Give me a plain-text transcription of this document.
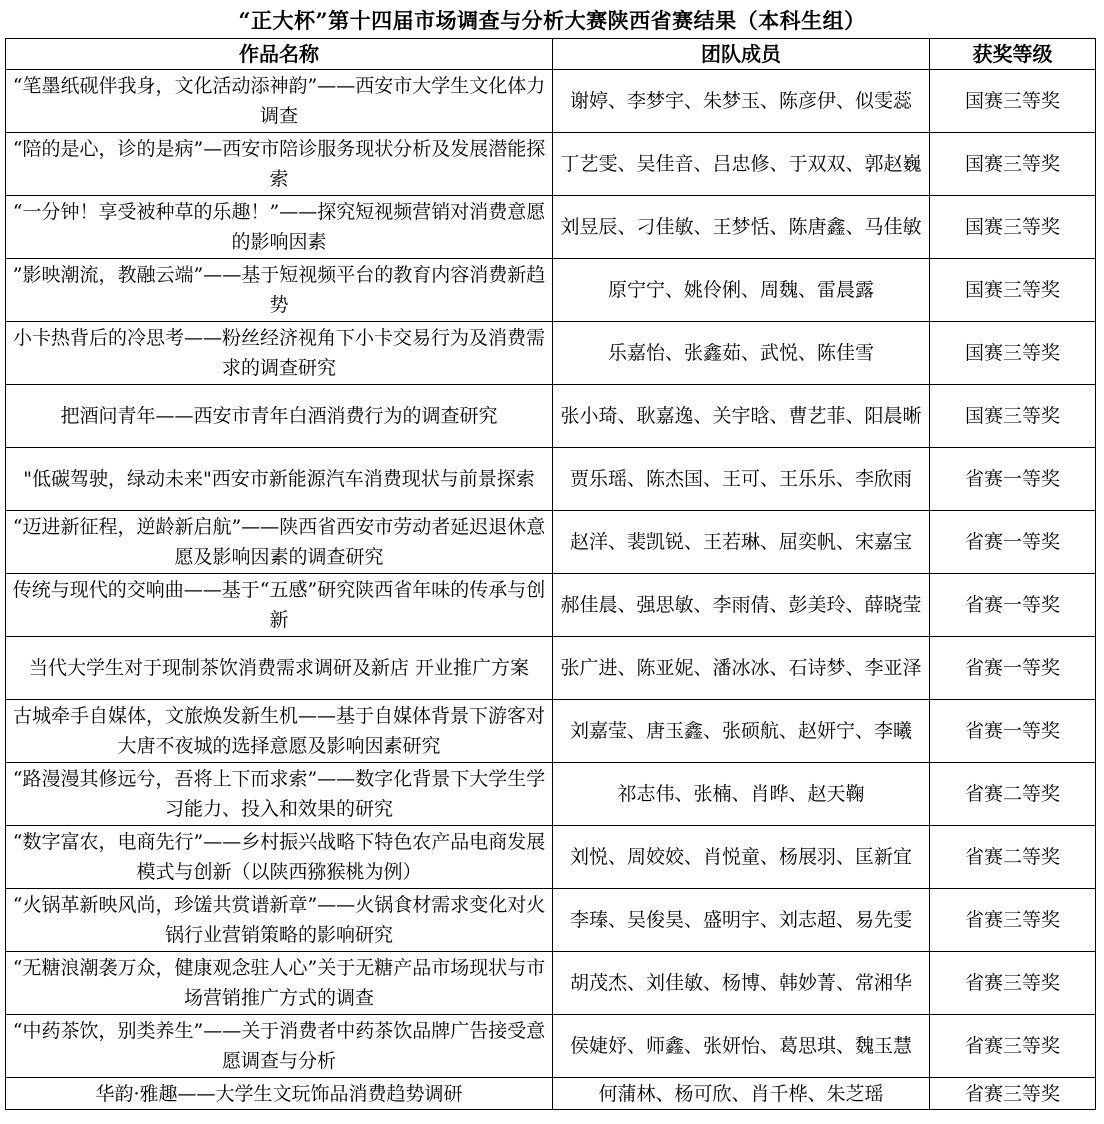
“正大杯”第十四届市场调查与分析大赛陕西省赛结果（本科生组）
作品名称	团队成员	获奖等级
“笔墨纸砚伴我身，文化活动添神韵”——西安市大学生文化体力调查	谢婷、李梦宇、朱梦玉、陈彦伊、似雯蕊	国赛三等奖
“陪的是心，诊的是病”—西安市陪诊服务现状分析及发展潜能探索	丁艺雯、吴佳音、吕忠修、于双双、郭赵巍	国赛三等奖
“一分钟！享受被种草的乐趣！”——探究短视频营销对消费意愿的影响因素	刘昱辰、刁佳敏、王梦恬、陈唐鑫、马佳敏	国赛三等奖
”影映潮流，教融云端”——基于短视频平台的教育内容消费新趋势	原宁宁、姚伶俐、周魏、雷晨露	国赛三等奖
小卡热背后的冷思考——粉丝经济视角下小卡交易行为及消费需求的调查研究	乐嘉怡、张鑫茹、武悦、陈佳雪	国赛三等奖
把酒问青年——西安市青年白酒消费行为的调查研究	张小琦、耿嘉逸、关宇晗、曹艺菲、阳晨晰	国赛三等奖
"低碳驾驶，绿动未来"西安市新能源汽车消费现状与前景探索	贾乐瑶、陈杰国、王可、王乐乐、李欣雨	省赛一等奖
“迈进新征程，逆龄新启航”——陕西省西安市劳动者延迟退休意愿及影响因素的调查研究	赵洋、裴凯锐、王若琳、屈奕帆、宋嘉宝	省赛一等奖
传统与现代的交响曲——基于“五感”研究陕西省年味的传承与创新	郝佳晨、强思敏、李雨倩、彭美玲、薛晓莹	省赛一等奖
当代大学生对于现制茶饮消费需求调研及新店 开业推广方案	张广进、陈亚妮、潘冰冰、石诗梦、李亚泽	省赛一等奖
古城牵手自媒体，文旅焕发新生机——基于自媒体背景下游客对大唐不夜城的选择意愿及影响因素研究	刘嘉莹、唐玉鑫、张硕航、赵妍宁、李曦	省赛一等奖
“路漫漫其修远兮，吾将上下而求索”——数字化背景下大学生学习能力、投入和效果的研究	祁志伟、张楠、肖晔、赵天鞠	省赛二等奖
“数字富农，电商先行”——乡村振兴战略下特色农产品电商发展模式与创新（以陕西猕猴桃为例）	刘悦、周姣姣、肖悦童、杨展羽、匡新宜	省赛二等奖
“火锅革新映风尚，珍馐共赏谱新章”——火锅食材需求变化对火锅行业营销策略的影响研究	李瑧、吴俊昊、盛明宇、刘志超、易先雯	省赛三等奖
“无糖浪潮袭万众，健康观念驻人心”关于无糖产品市场现状与市场营销推广方式的调查	胡茂杰、刘佳敏、杨博、韩妙菁、常湘华	省赛三等奖
“中药茶饮，别类养生”——关于消费者中药茶饮品牌广告接受意愿调查与分析	侯婕妤、师鑫、张妍怡、葛思琪、魏玉慧	省赛三等奖
华韵·雅趣——大学生文玩饰品消费趋势调研	何蒲林、杨可欣、肖千桦、朱芝瑶	省赛三等奖
